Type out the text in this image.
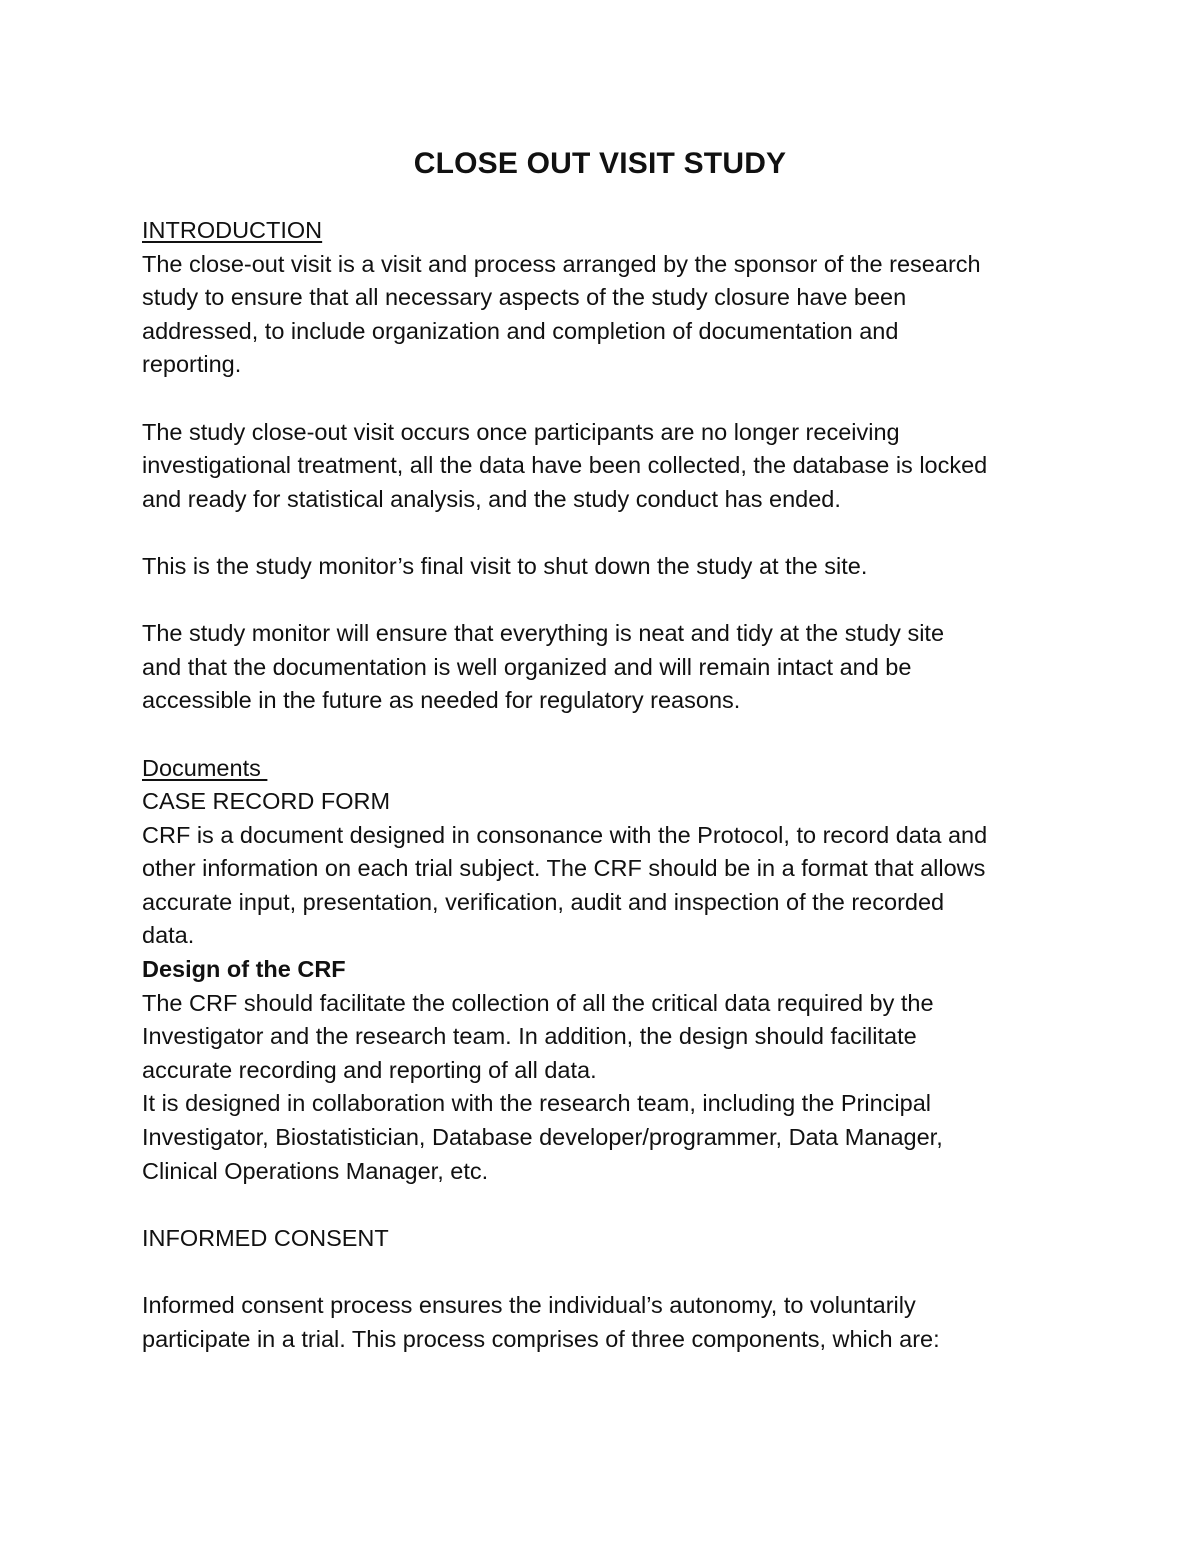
CLOSE OUT VISIT STUDY
INTRODUCTION
The close-out visit is a visit and process arranged by the sponsor of the research
study to ensure that all necessary aspects of the study closure have been
addressed, to include organization and completion of documentation and
reporting.
The study close-out visit occurs once participants are no longer receiving
investigational treatment, all the data have been collected, the database is locked
and ready for statistical analysis, and the study conduct has ended.
This is the study monitor’s final visit to shut down the study at the site.
The study monitor will ensure that everything is neat and tidy at the study site
and that the documentation is well organized and will remain intact and be
accessible in the future as needed for regulatory reasons.
Documents
CASE RECORD FORM
CRF is a document designed in consonance with the Protocol, to record data and
other information on each trial subject. The CRF should be in a format that allows
accurate input, presentation, verification, audit and inspection of the recorded
data.
Design of the CRF
The CRF should facilitate the collection of all the critical data required by the
Investigator and the research team. In addition, the design should facilitate
accurate recording and reporting of all data.
It is designed in collaboration with the research team, including the Principal
Investigator, Biostatistician, Database developer/programmer, Data Manager,
Clinical Operations Manager, etc.
INFORMED CONSENT
Informed consent process ensures the individual’s autonomy, to voluntarily
participate in a trial. This process comprises of three components, which are:
